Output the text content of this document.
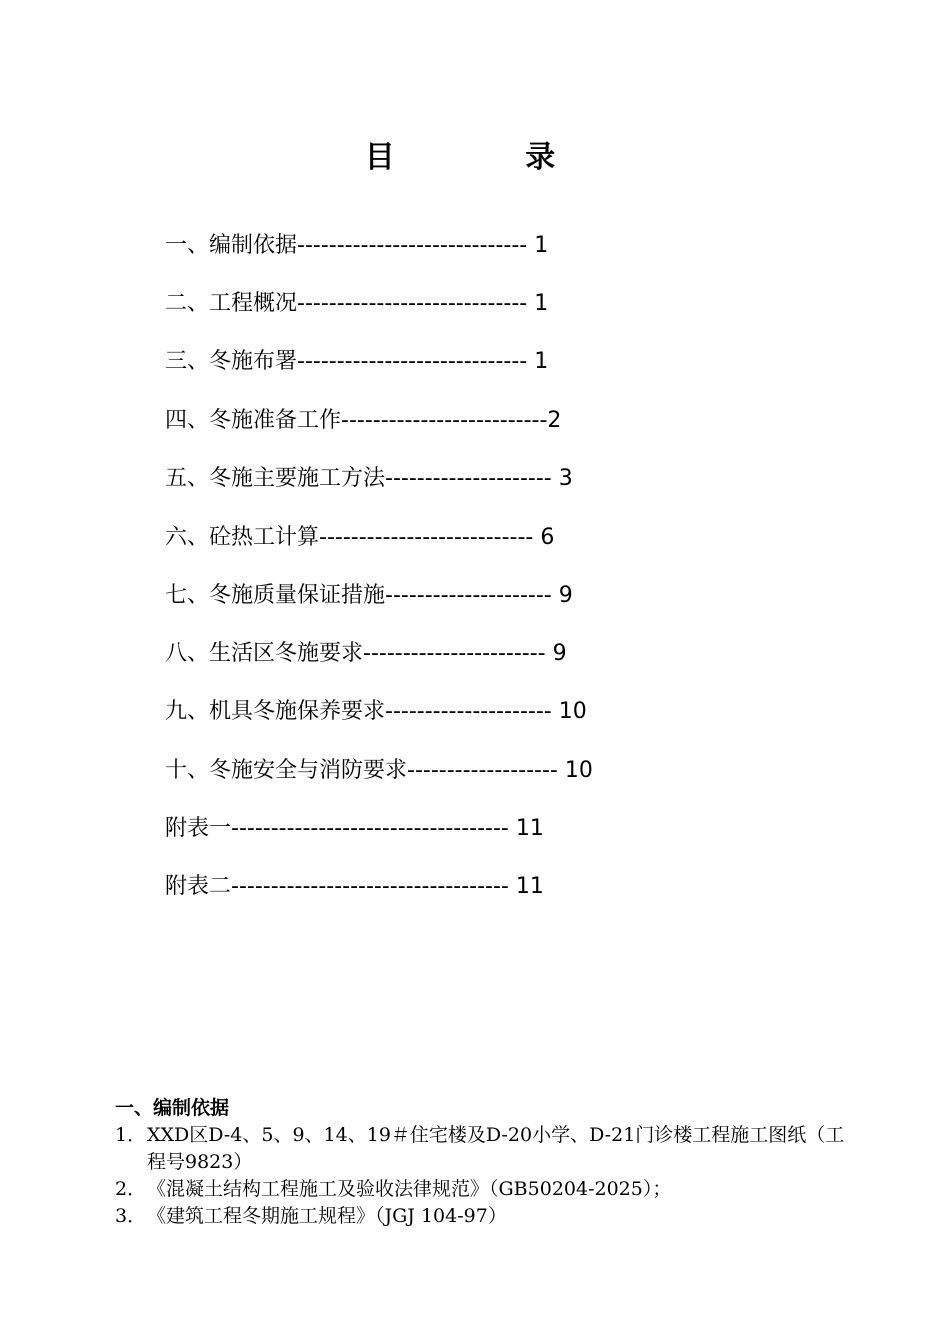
目 录
一、编制依据----------------------------- 1
二、工程概况----------------------------- 1
三、冬施布署----------------------------- 1
四、冬施准备工作--------------------------2
五、冬施主要施工方法--------------------- 3
六、砼热工计算--------------------------- 6
七、冬施质量保证措施--------------------- 9
八、生活区冬施要求----------------------- 9
九、机具冬施保养要求--------------------- 10
十、冬施安全与消防要求------------------- 10
附表一----------------------------------- 11
附表二----------------------------------- 11
一、编制依据
1． XXD区D-4、5、9、14、19＃住宅楼及D-20小学、D-21门诊楼工程施工图纸（工程号9823）
2． 《混凝土结构工程施工及验收法律规范》（GB50204-2025）；
3． 《建筑工程冬期施工规程》（JGJ 104-97）
